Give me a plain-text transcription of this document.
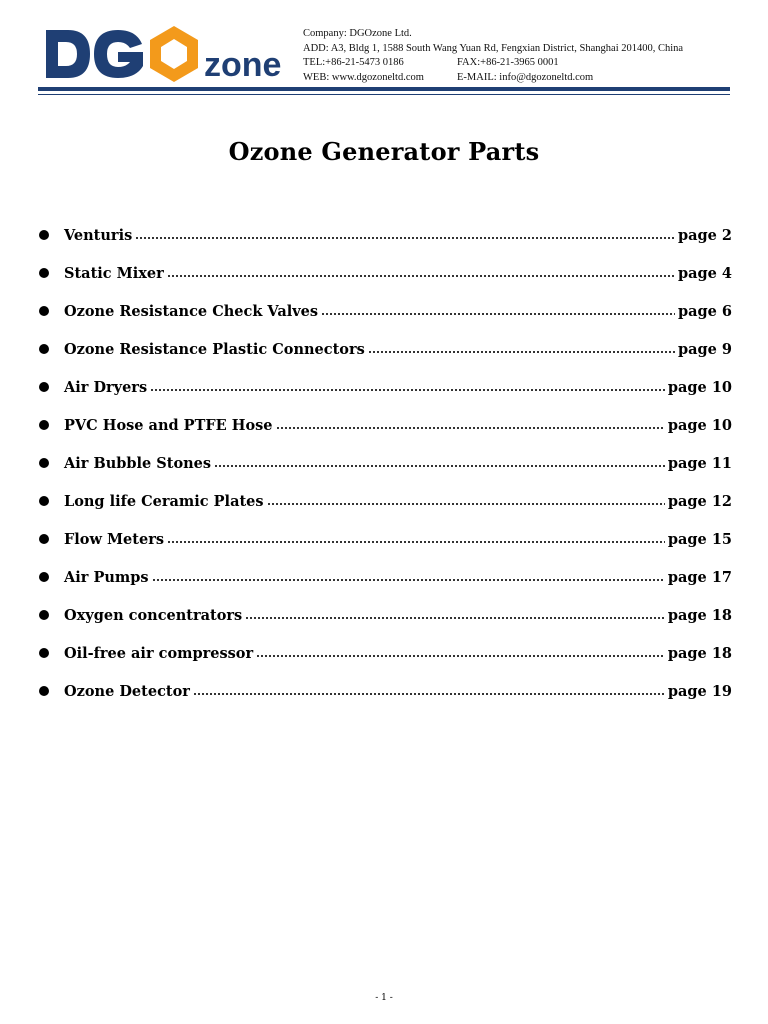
zone
Company: DGOzone Ltd.
ADD: A3, Bldg 1, 1588 South Wang Yuan Rd, Fengxian District, Shanghai 201400, China
TEL:+86-21-5473 0186	FAX:+86-21-3965 0001
WEB: www.dgozoneltd.com	E-MAIL: info@dgozoneltd.com
Ozone Generator Parts
Venturis	page 2
Static Mixer	page 4
Ozone Resistance Check Valves	page 6
Ozone Resistance Plastic Connectors	page 9
Air Dryers	page 10
PVC Hose and PTFE Hose	page 10
Air Bubble Stones	page 11
Long life Ceramic Plates	page 12
Flow Meters	page 15
Air Pumps	page 17
Oxygen concentrators	page 18
Oil-free air compressor	page 18
Ozone Detector	page 19
- 1 -
